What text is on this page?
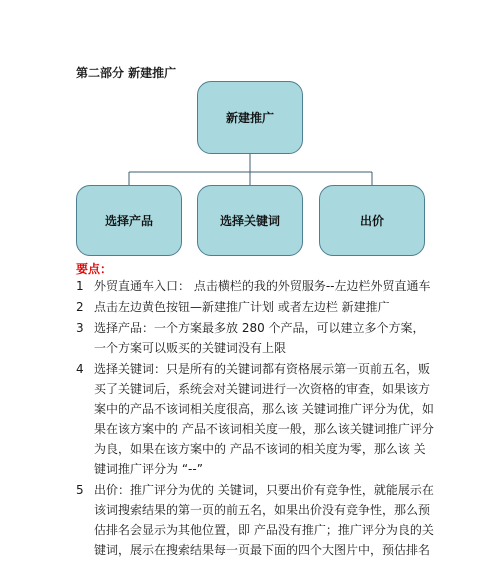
第二部分 新建推广
新建推广
选择产品	选择关键词	出价
要点：
1 外贸直通车入口： 点击横栏的我的外贸服务--左边栏外贸直通车
2 点击左边黄色按钮—新建推广计划 或者左边栏 新建推广
3 选择产品：一个方案最多放 280 个产品，可以建立多个方案，一个方案可以贩买的关键词没有上限
4 选择关键词：只是所有的关键词都有资格展示第一页前五名，贩买了关键词后，系统会对关键词进行一次资格的审查，如果该方案中的产品不该词相关度很高，那么该 关键词推广评分为优，如果在该方案中的 产品不该词相关度一般，那么该关键词推广评分为良，如果在该方案中的 产品不该词的相关度为零，那么该 关键词推广评分为 “--”
5 出价：推广评分为优的 关键词，只要出价有竞争性，就能展示在该词搜索结果的第一页的前五名，如果出价没有竞争性，那么预估排名会显示为其他位置，即 产品没有推广；推广评分为良的关键词，展示在搜索结果每一页最下面的四个大图片中，预估排名
